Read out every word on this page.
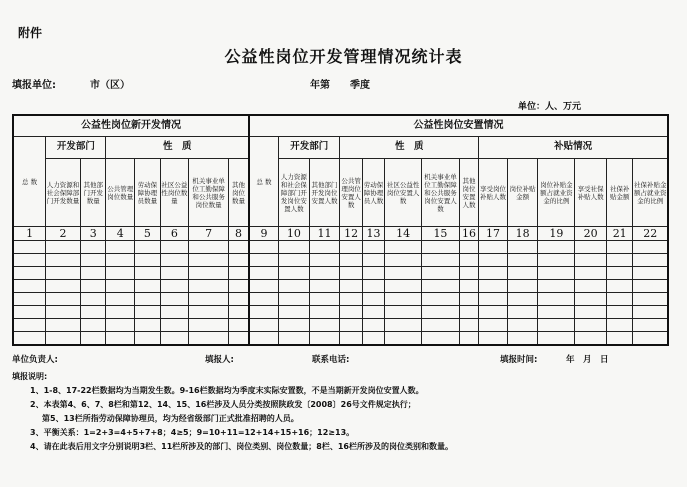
附件
公益性岗位开发管理情况统计表
填报单位:	市（区）	年第　　季度
单位：人、万元
公益性岗位新开发情况								公益性岗位安置情况													
总 数	开发部门		性　质					总 数	开发部门		性　质					补贴情况					
	人力资源和社会保障部门开发数量	其他部门开发数量	公共管理岗位数量	劳动保障协理员数量	社区公益性岗位数量	机关事业单位工勤保障和公共服务岗位数量	其他岗位数量		人力资源和社会保障部门开发岗位安置人数	其他部门开发岗位安置人数	公共管理岗位安置人数	劳动保障协理员人数	社区公益性岗位安置人数	机关事业单位工勤保障和公共服务岗位安置人数	其他岗位安置人数	享受岗位补贴人数	岗位补贴金额	岗位补贴金额占就业资金的比例	享受社保补贴人数	社保补贴金额	社保补贴金额占就业资金的比例
1	2	3	4	5	6	7	8	9	10	11	12	13	14	15	16	17	18	19	20	21	22

单位负责人:	填报人:	联系电话:	填报时间:	年　月　日
填报说明:
1、1-8、17-22栏数据均为当期发生数。9-16栏数据均为季度末实际安置数，不是当期新开发岗位安置人数。
2、本表第4、6、7、8栏和第12、14、15、16栏涉及人员分类按照陕政发〔2008〕26号文件规定执行；
第5、13栏所指劳动保障协理员，均为经省级部门正式批准招聘的人员。
3、平衡关系：1=2+3=4+5+7+8；4≥5；9=10+11=12+14+15+16；12≥13。
4、请在此表后用文字分别说明3栏、11栏所涉及的部门、岗位类别、岗位数量；8栏、16栏所涉及的岗位类别和数量。
